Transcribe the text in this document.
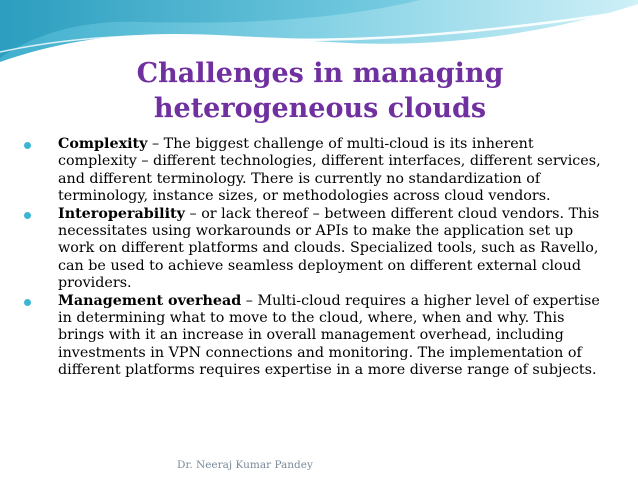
Challenges in managing heterogeneous clouds
Complexity – The biggest challenge of multi-cloud is its inherent complexity – different technologies, different interfaces, different services, and different terminology. There is currently no standardization of terminology, instance sizes, or methodologies across cloud vendors.
Interoperability – or lack thereof – between different cloud vendors. This necessitates using workarounds or APIs to make the application set up work on different platforms and clouds. Specialized tools, such as Ravello, can be used to achieve seamless deployment on different external cloud providers.
Management overhead – Multi-cloud requires a higher level of expertise in determining what to move to the cloud, where, when and why. This brings with it an increase in overall management overhead, including investments in VPN connections and monitoring. The implementation of different platforms requires expertise in a more diverse range of subjects.
Dr. Neeraj Kumar Pandey
